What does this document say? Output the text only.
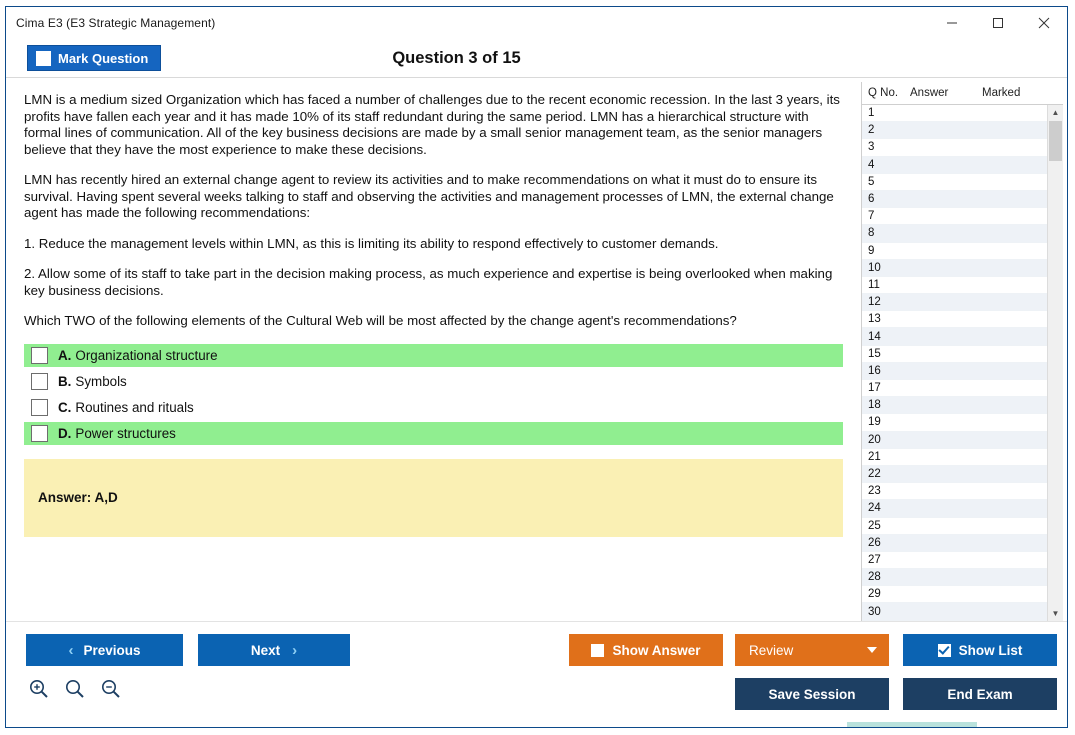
Cima E3 (E3 Strategic Management)
Mark Question	Question 3 of 15

LMN is a medium sized Organization which has faced a number of challenges due to the recent economic recession. In the last 3 years, its profits have fallen each year and it has made 10% of its staff redundant during the same period. LMN has a hierarchical structure with formal lines of communication. All of the key business decisions are made by a small senior management team, as the senior managers believe that they have the most experience to make these decisions.

LMN has recently hired an external change agent to review its activities and to make recommendations on what it must do to ensure its survival. Having spent several weeks talking to staff and observing the activities and management processes of LMN, the external change agent has made the following recommendations:

1. Reduce the management levels within LMN, as this is limiting its ability to respond effectively to customer demands.

2. Allow some of its staff to take part in the decision making process, as much experience and expertise is being overlooked when making key business decisions.

Which TWO of the following elements of the Cultural Web will be most affected by the change agent's recommendations?

A. Organizational structure
B. Symbols
C. Routines and rituals
D. Power structures
Answer: A,D
Q No.	Answer	Marked
1
2
3
4
5
6
7
8
9
10
11
12
13
14
15
16
17
18
19
20
21
22
23
24
25
26
27
28
29
30
▲
▼
‹ Previous	Next ›	Show Answer	Review	Show List
Save Session	End Exam
